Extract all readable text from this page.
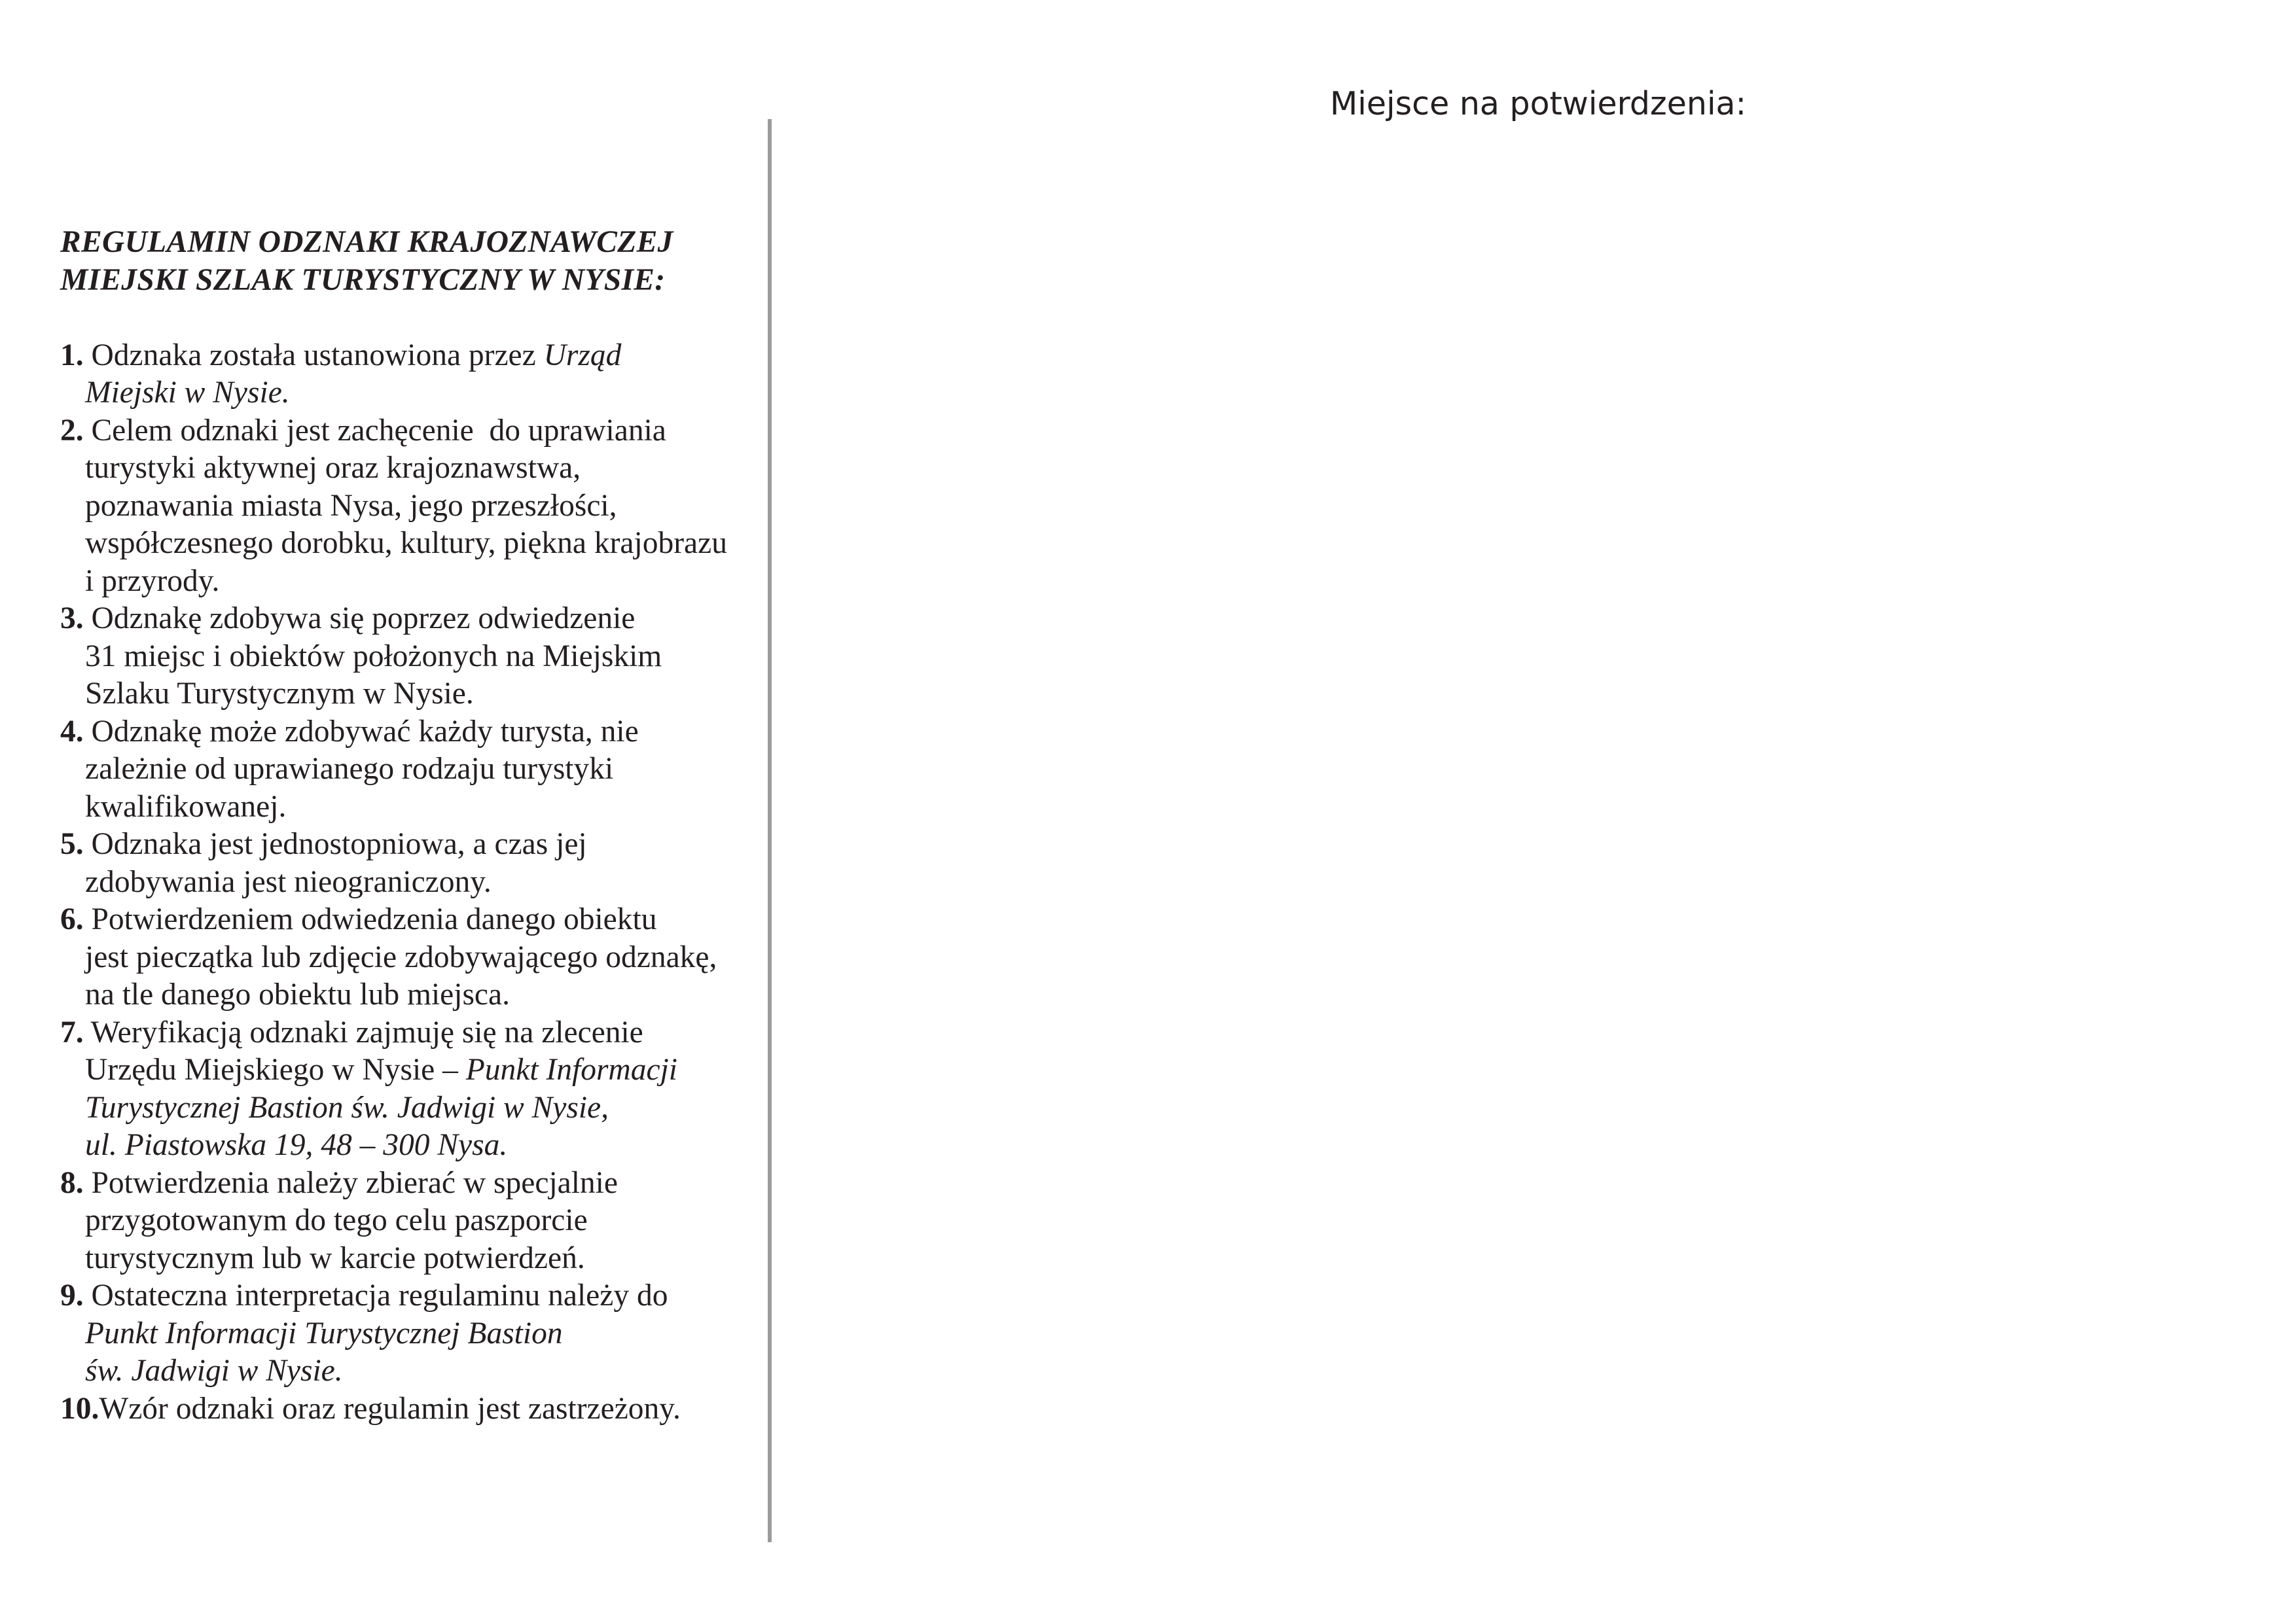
REGULAMIN ODZNAKI KRAJOZNAWCZEJ
MIEJSKI SZLAK TURYSTYCZNY W NYSIE:
1. Odznaka została ustanowiona przez Urząd
Miejski w Nysie.
2. Celem odznaki jest zachęcenie  do uprawiania
turystyki aktywnej oraz krajoznawstwa,
poznawania miasta Nysa, jego przeszłości,
współczesnego dorobku, kultury, piękna krajobrazu
i przyrody.
3. Odznakę zdobywa się poprzez odwiedzenie
31 miejsc i obiektów położonych na Miejskim
Szlaku Turystycznym w Nysie.
4. Odznakę może zdobywać każdy turysta, nie
zależnie od uprawianego rodzaju turystyki
kwalifikowanej.
5. Odznaka jest jednostopniowa, a czas jej
zdobywania jest nieograniczony.
6. Potwierdzeniem odwiedzenia danego obiektu
jest pieczątka lub zdjęcie zdobywającego odznakę,
na tle danego obiektu lub miejsca.
7. Weryfikacją odznaki zajmuję się na zlecenie
Urzędu Miejskiego w Nysie – Punkt Informacji
Turystycznej Bastion św. Jadwigi w Nysie,
ul. Piastowska 19, 48 – 300 Nysa.
8. Potwierdzenia należy zbierać w specjalnie
przygotowanym do tego celu paszporcie
turystycznym lub w karcie potwierdzeń.
9. Ostateczna interpretacja regulaminu należy do
Punkt Informacji Turystycznej Bastion
św. Jadwigi w Nysie.
10.Wzór odznaki oraz regulamin jest zastrzeżony.
Miejsce na potwierdzenia:
